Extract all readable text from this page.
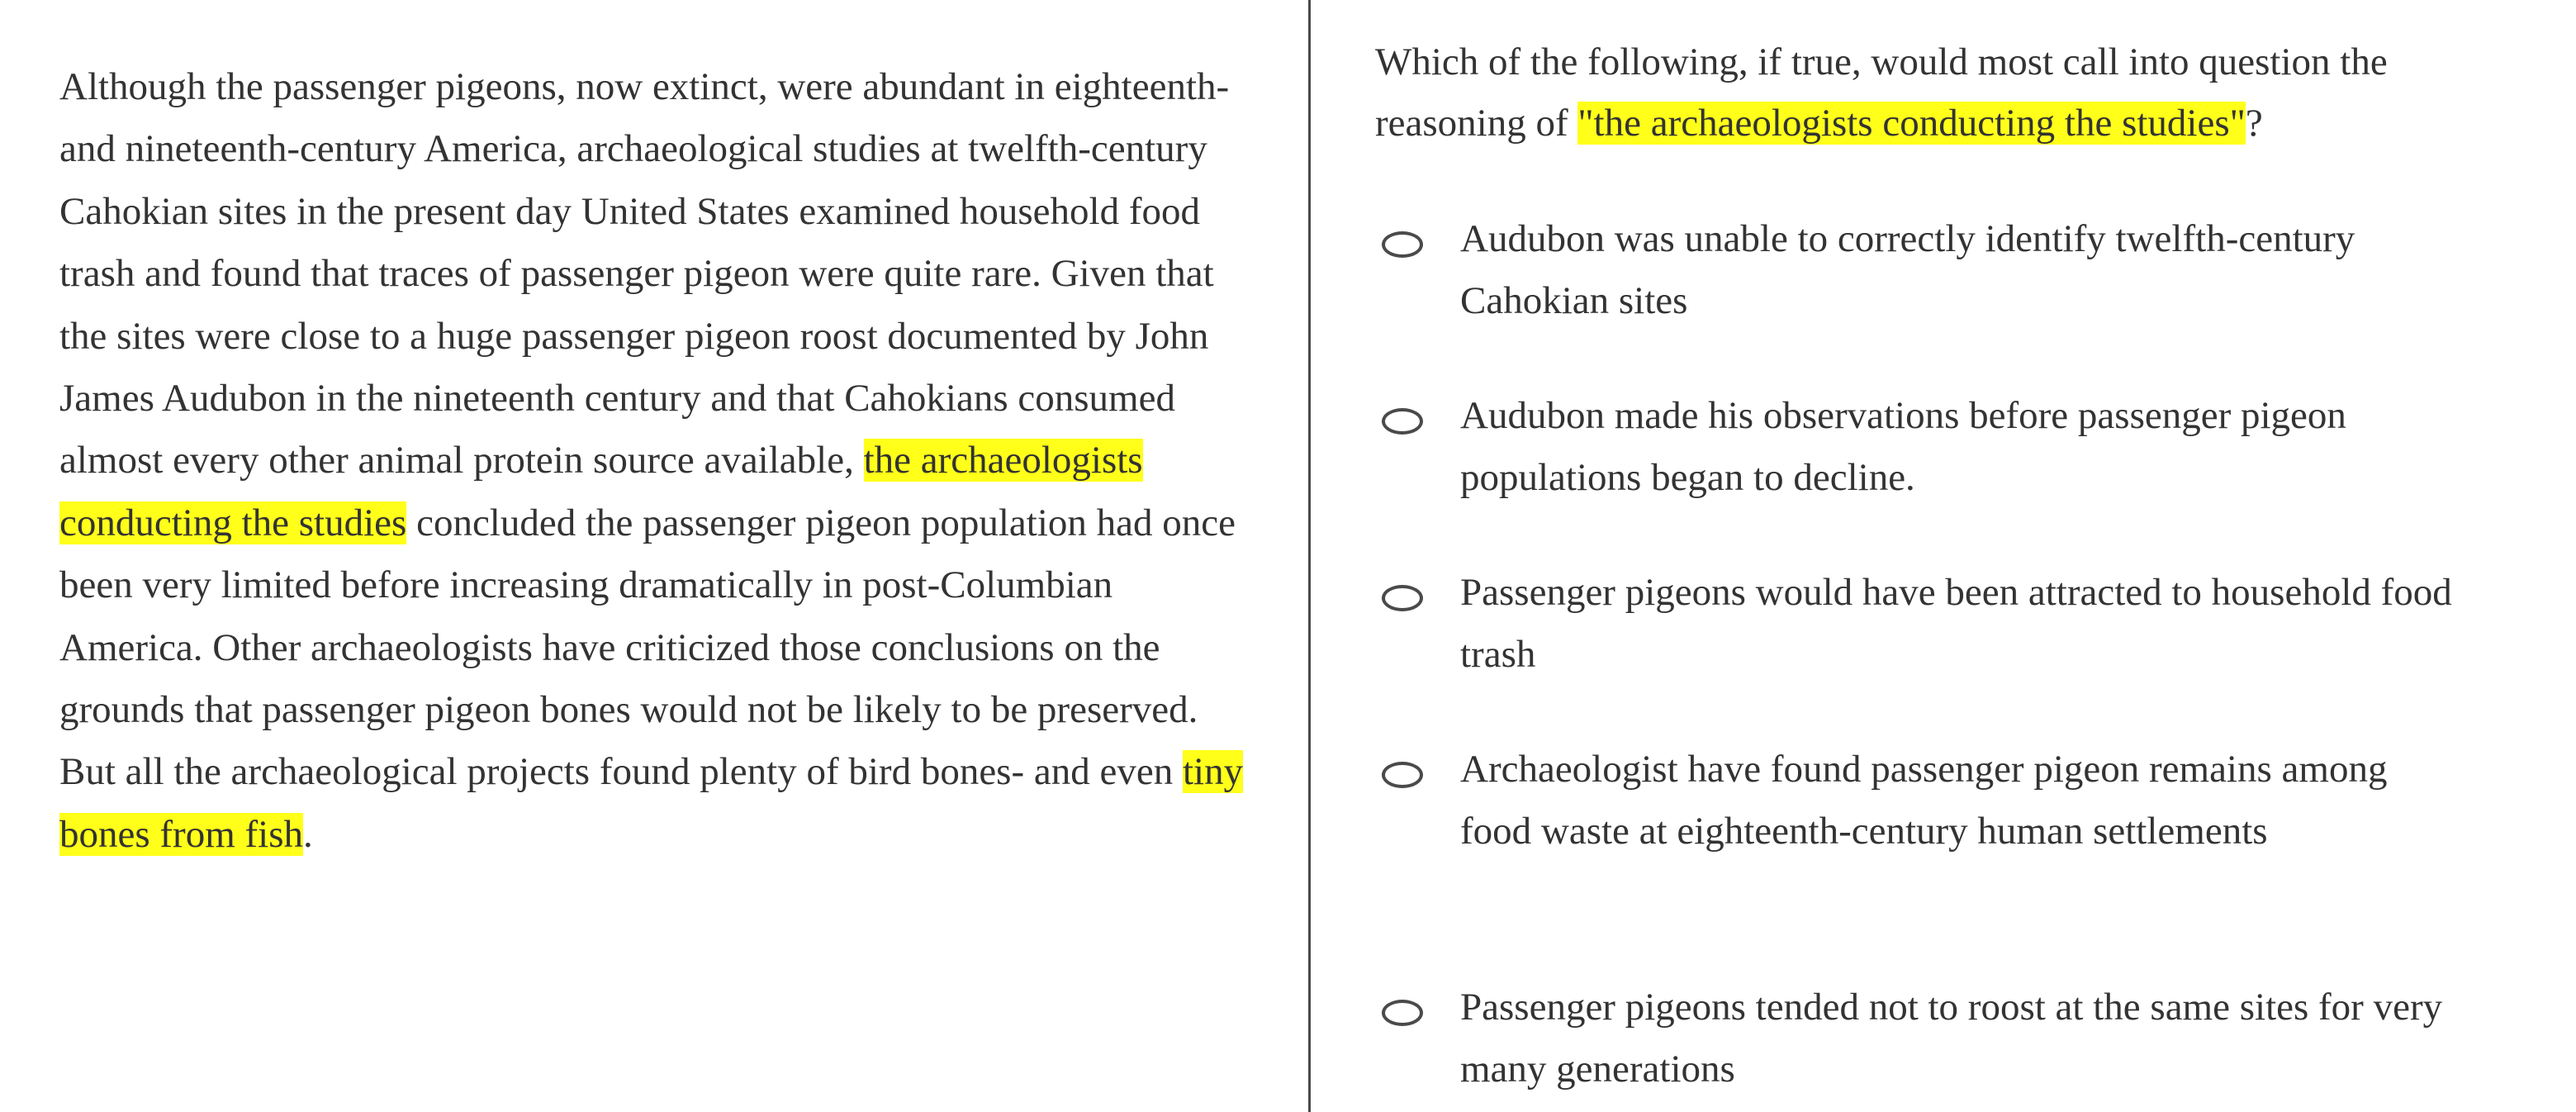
Although the passenger pigeons, now extinct, were abundant in eighteenth- and nineteenth-century America, archaeological studies at twelfth-century Cahokian sites in the present day United States examined household food trash and found that traces of passenger pigeon were quite rare. Given that the sites were close to a huge passenger pigeon roost documented by John James Audubon in the nineteenth century and that Cahokians consumed almost every other animal protein source available, the archaeologists conducting the studies concluded the passenger pigeon population had once been very limited before increasing dramatically in post-Columbian America. Other archaeologists have criticized those conclusions on the grounds that passenger pigeon bones would not be likely to be preserved. But all the archaeological projects found plenty of bird bones- and even tiny bones from fish.

Which of the following, if true, would most call into question the reasoning of "the archaeologists conducting the studies"?

Audubon was unable to correctly identify twelfth-century Cahokian sites
Audubon made his observations before passenger pigeon populations began to decline.
Passenger pigeons would have been attracted to household food trash
Archaeologist have found passenger pigeon remains among food waste at eighteenth-century human settlements
Passenger pigeons tended not to roost at the same sites for very many generations
